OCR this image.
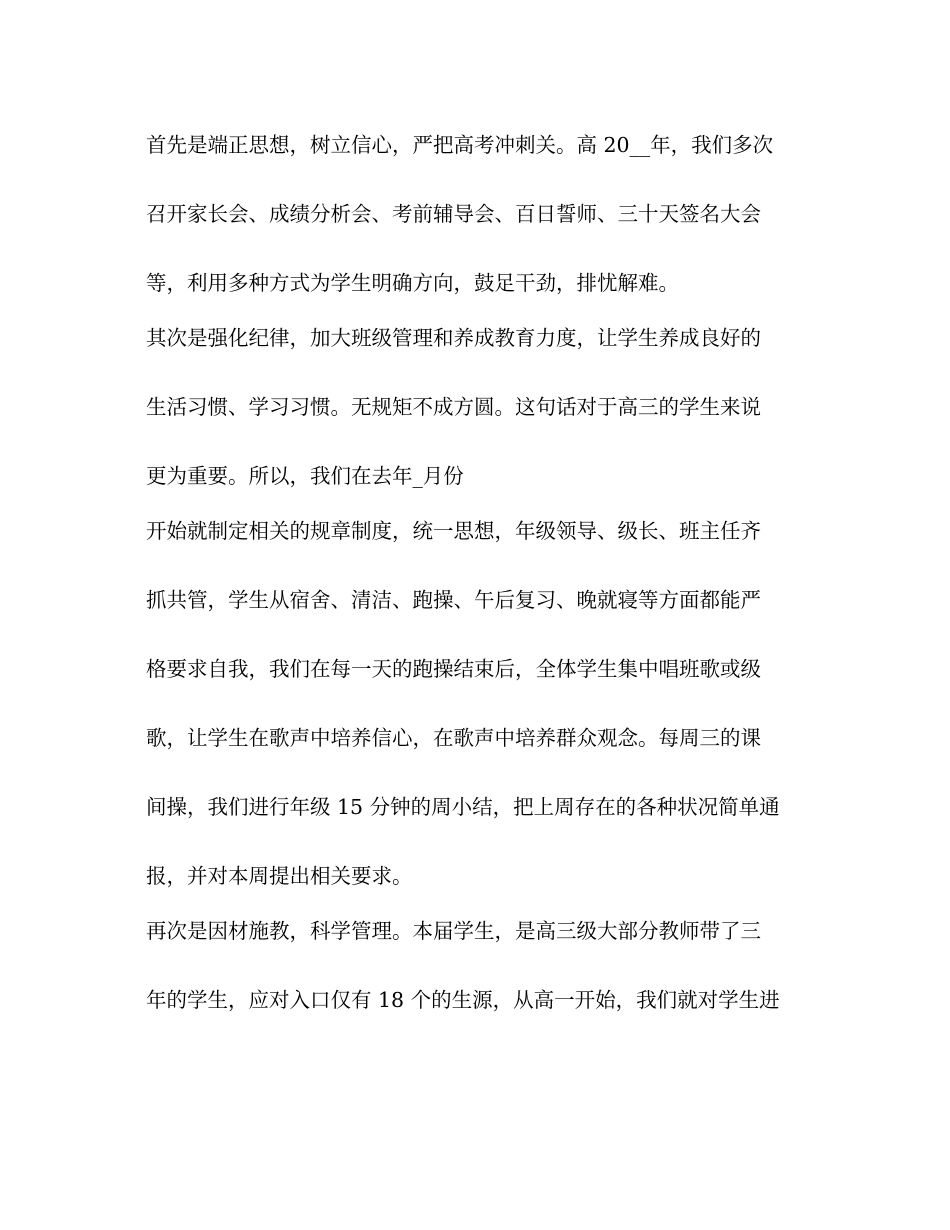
首先是端正思想，树立信心，严把高考冲刺关。高 20__年，我们多次
召开家长会、成绩分析会、考前辅导会、百日誓师、三十天签名大会
等，利用多种方式为学生明确方向，鼓足干劲，排忧解难。
其次是强化纪律，加大班级管理和养成教育力度，让学生养成良好的
生活习惯、学习习惯。无规矩不成方圆。这句话对于高三的学生来说
更为重要。所以，我们在去年_月份
开始就制定相关的规章制度，统一思想，年级领导、级长、班主任齐
抓共管，学生从宿舍、清洁、跑操、午后复习、晚就寝等方面都能严
格要求自我，我们在每一天的跑操结束后，全体学生集中唱班歌或级
歌，让学生在歌声中培养信心，在歌声中培养群众观念。每周三的课
间操，我们进行年级 15 分钟的周小结，把上周存在的各种状况简单通
报，并对本周提出相关要求。
再次是因材施教，科学管理。本届学生，是高三级大部分教师带了三
年的学生，应对入口仅有 18 个的生源，从高一开始，我们就对学生进
